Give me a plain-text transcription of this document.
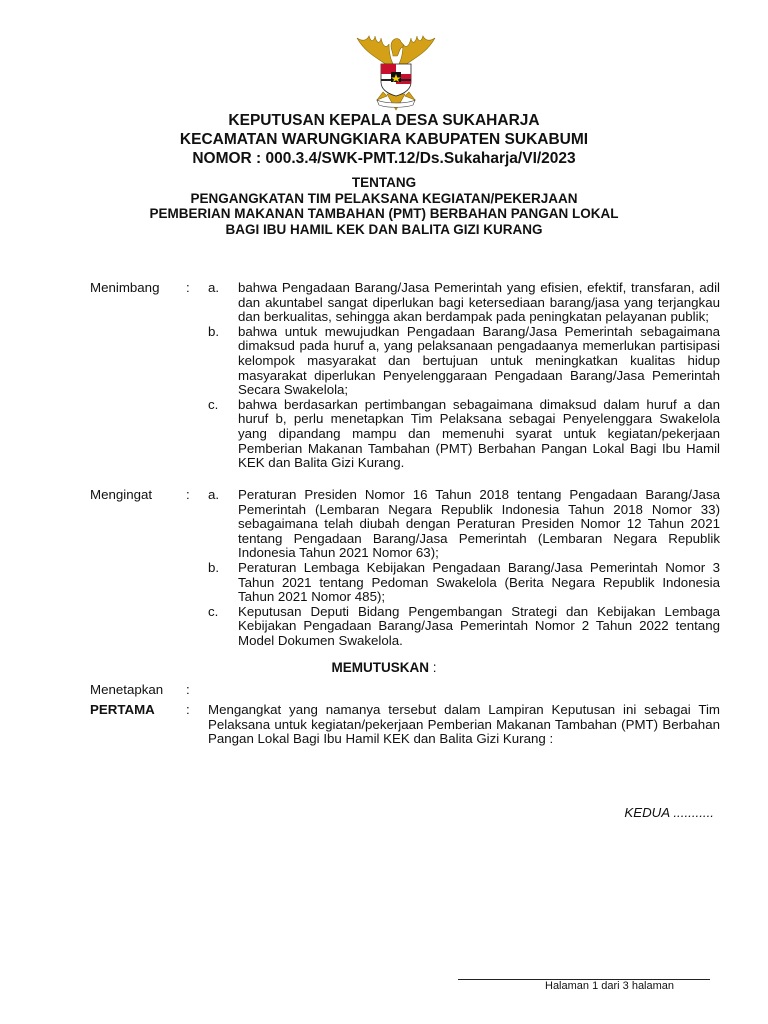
KEPUTUSAN KEPALA DESA SUKAHARJA
KECAMATAN WARUNGKIARA KABUPATEN SUKABUMI
NOMOR : 000.3.4/SWK-PMT.12/Ds.Sukaharja/VI/2023
TENTANG
PENGANGKATAN TIM PELAKSANA KEGIATAN/PEKERJAAN
PEMBERIAN MAKANAN TAMBAHAN (PMT) BERBAHAN PANGAN LOKAL
BAGI IBU HAMIL KEK DAN BALITA GIZI KURANG
Menimbang	:	a.	bahwa Pengadaan Barang/Jasa Pemerintah yang efisien, efektif, transfaran, adil dan akuntabel sangat diperlukan bagi ketersediaan barang/jasa yang terjangkau dan berkualitas, sehingga akan berdampak pada peningkatan pelayanan publik;
b.	bahwa untuk mewujudkan Pengadaan Barang/Jasa Pemerintah sebagaimana dimaksud pada huruf a, yang pelaksanaan pengadaanya memerlukan partisipasi kelompok masyarakat dan bertujuan untuk meningkatkan kualitas hidup masyarakat diperlukan Penyelenggaraan Pengadaan Barang/Jasa Pemerintah Secara Swakelola;
c.	bahwa berdasarkan pertimbangan sebagaimana dimaksud dalam huruf a dan huruf b, perlu menetapkan Tim Pelaksana sebagai Penyelenggara Swakelola yang dipandang mampu dan memenuhi syarat untuk kegiatan/pekerjaan Pemberian Makanan Tambahan (PMT) Berbahan Pangan Lokal Bagi Ibu Hamil KEK dan Balita Gizi Kurang.
Mengingat	:	a.	Peraturan Presiden Nomor 16 Tahun 2018 tentang Pengadaan Barang/Jasa Pemerintah (Lembaran Negara Republik Indonesia Tahun 2018 Nomor 33) sebagaimana telah diubah dengan Peraturan Presiden Nomor 12 Tahun 2021 tentang Pengadaan Barang/Jasa Pemerintah (Lembaran Negara Republik Indonesia Tahun 2021 Nomor 63);
b.	Peraturan Lembaga Kebijakan Pengadaan Barang/Jasa Pemerintah Nomor 3 Tahun 2021 tentang Pedoman Swakelola (Berita Negara Republik Indonesia Tahun 2021 Nomor 485);
c.	Keputusan Deputi Bidang Pengembangan Strategi dan Kebijakan Lembaga Kebijakan Pengadaan Barang/Jasa Pemerintah Nomor 2 Tahun 2022 tentang Model Dokumen Swakelola.
MEMUTUSKAN :
Menetapkan	:
PERTAMA	:	Mengangkat yang namanya tersebut dalam Lampiran Keputusan ini sebagai Tim Pelaksana untuk kegiatan/pekerjaan Pemberian Makanan Tambahan (PMT) Berbahan Pangan Lokal Bagi Ibu Hamil KEK dan Balita Gizi Kurang :
KEDUA ...........
Halaman 1 dari 3 halaman
